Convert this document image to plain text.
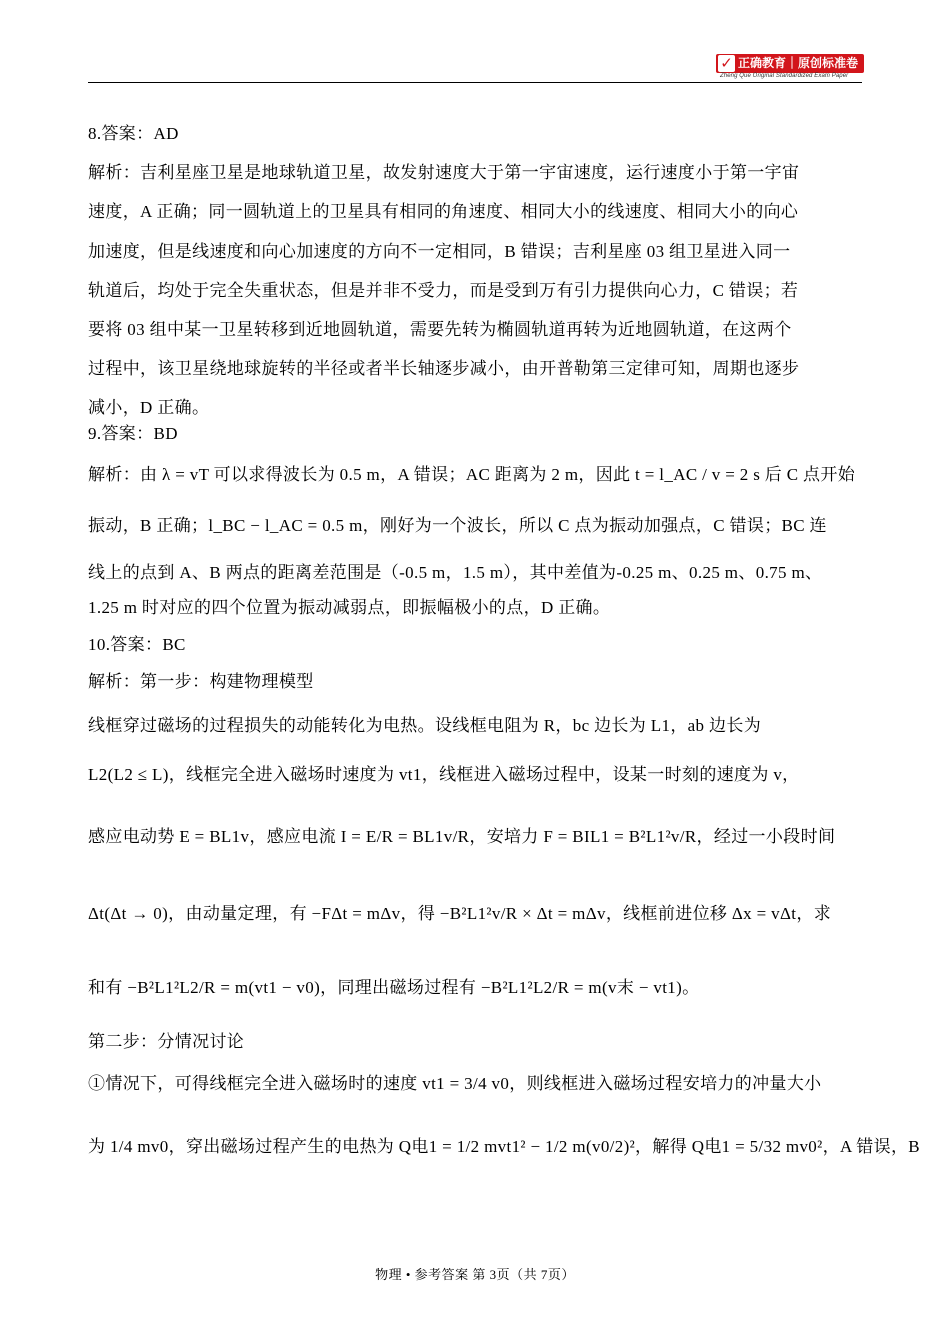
✓ 正确教育｜原创标准卷
Zheng Que Original Standardized Exam Paper
8.答案：AD
解析：吉利星座卫星是地球轨道卫星，故发射速度大于第一宇宙速度，运行速度小于第一宇宙
速度，A 正确；同一圆轨道上的卫星具有相同的角速度、相同大小的线速度、相同大小的向心
加速度，但是线速度和向心加速度的方向不一定相同，B 错误；吉利星座 03 组卫星进入同一
轨道后，均处于完全失重状态，但是并非不受力，而是受到万有引力提供向心力，C 错误；若
要将 03 组中某一卫星转移到近地圆轨道，需要先转为椭圆轨道再转为近地圆轨道，在这两个
过程中，该卫星绕地球旋转的半径或者半长轴逐步减小，由开普勒第三定律可知，周期也逐步
减小，D 正确。
9.答案：BD
解析：由 λ = vT 可以求得波长为 0.5 m，A 错误；AC 距离为 2 m，因此 t = l_AC / v = 2 s 后 C 点开始
振动，B 正确；l_BC − l_AC = 0.5 m，刚好为一个波长，所以 C 点为振动加强点，C 错误；BC 连
线上的点到 A、B 两点的距离差范围是（-0.5 m，1.5 m），其中差值为-0.25 m、0.25 m、0.75 m、
1.25 m 时对应的四个位置为振动减弱点，即振幅极小的点，D 正确。
10.答案：BC
解析：第一步：构建物理模型
线框穿过磁场的过程损失的动能转化为电热。设线框电阻为 R，bc 边长为 L1，ab 边长为
L2(L2 ≤ L)，线框完全进入磁场时速度为 vt1，线框进入磁场过程中，设某一时刻的速度为 v，
感应电动势 E = BL1v，感应电流 I = E/R = BL1v/R，安培力 F = BIL1 = B²L1²v/R，经过一小段时间
Δt(Δt → 0)，由动量定理，有 −FΔt = mΔv，得 −B²L1²v/R × Δt = mΔv，线框前进位移 Δx = vΔt，求
和有 −B²L1²L2/R = m(vt1 − v0)，同理出磁场过程有 −B²L1²L2/R = m(v末 − vt1)。
第二步：分情况讨论
①情况下，可得线框完全进入磁场时的速度 vt1 = 3/4 v0，则线框进入磁场过程安培力的冲量大小
为 1/4 mv0，穿出磁场过程产生的电热为 Q电1 = 1/2 mvt1² − 1/2 m(v0/2)²，解得 Q电1 = 5/32 mv0²，A 错误，B
物理 • 参考答案 第 3页（共 7页）
